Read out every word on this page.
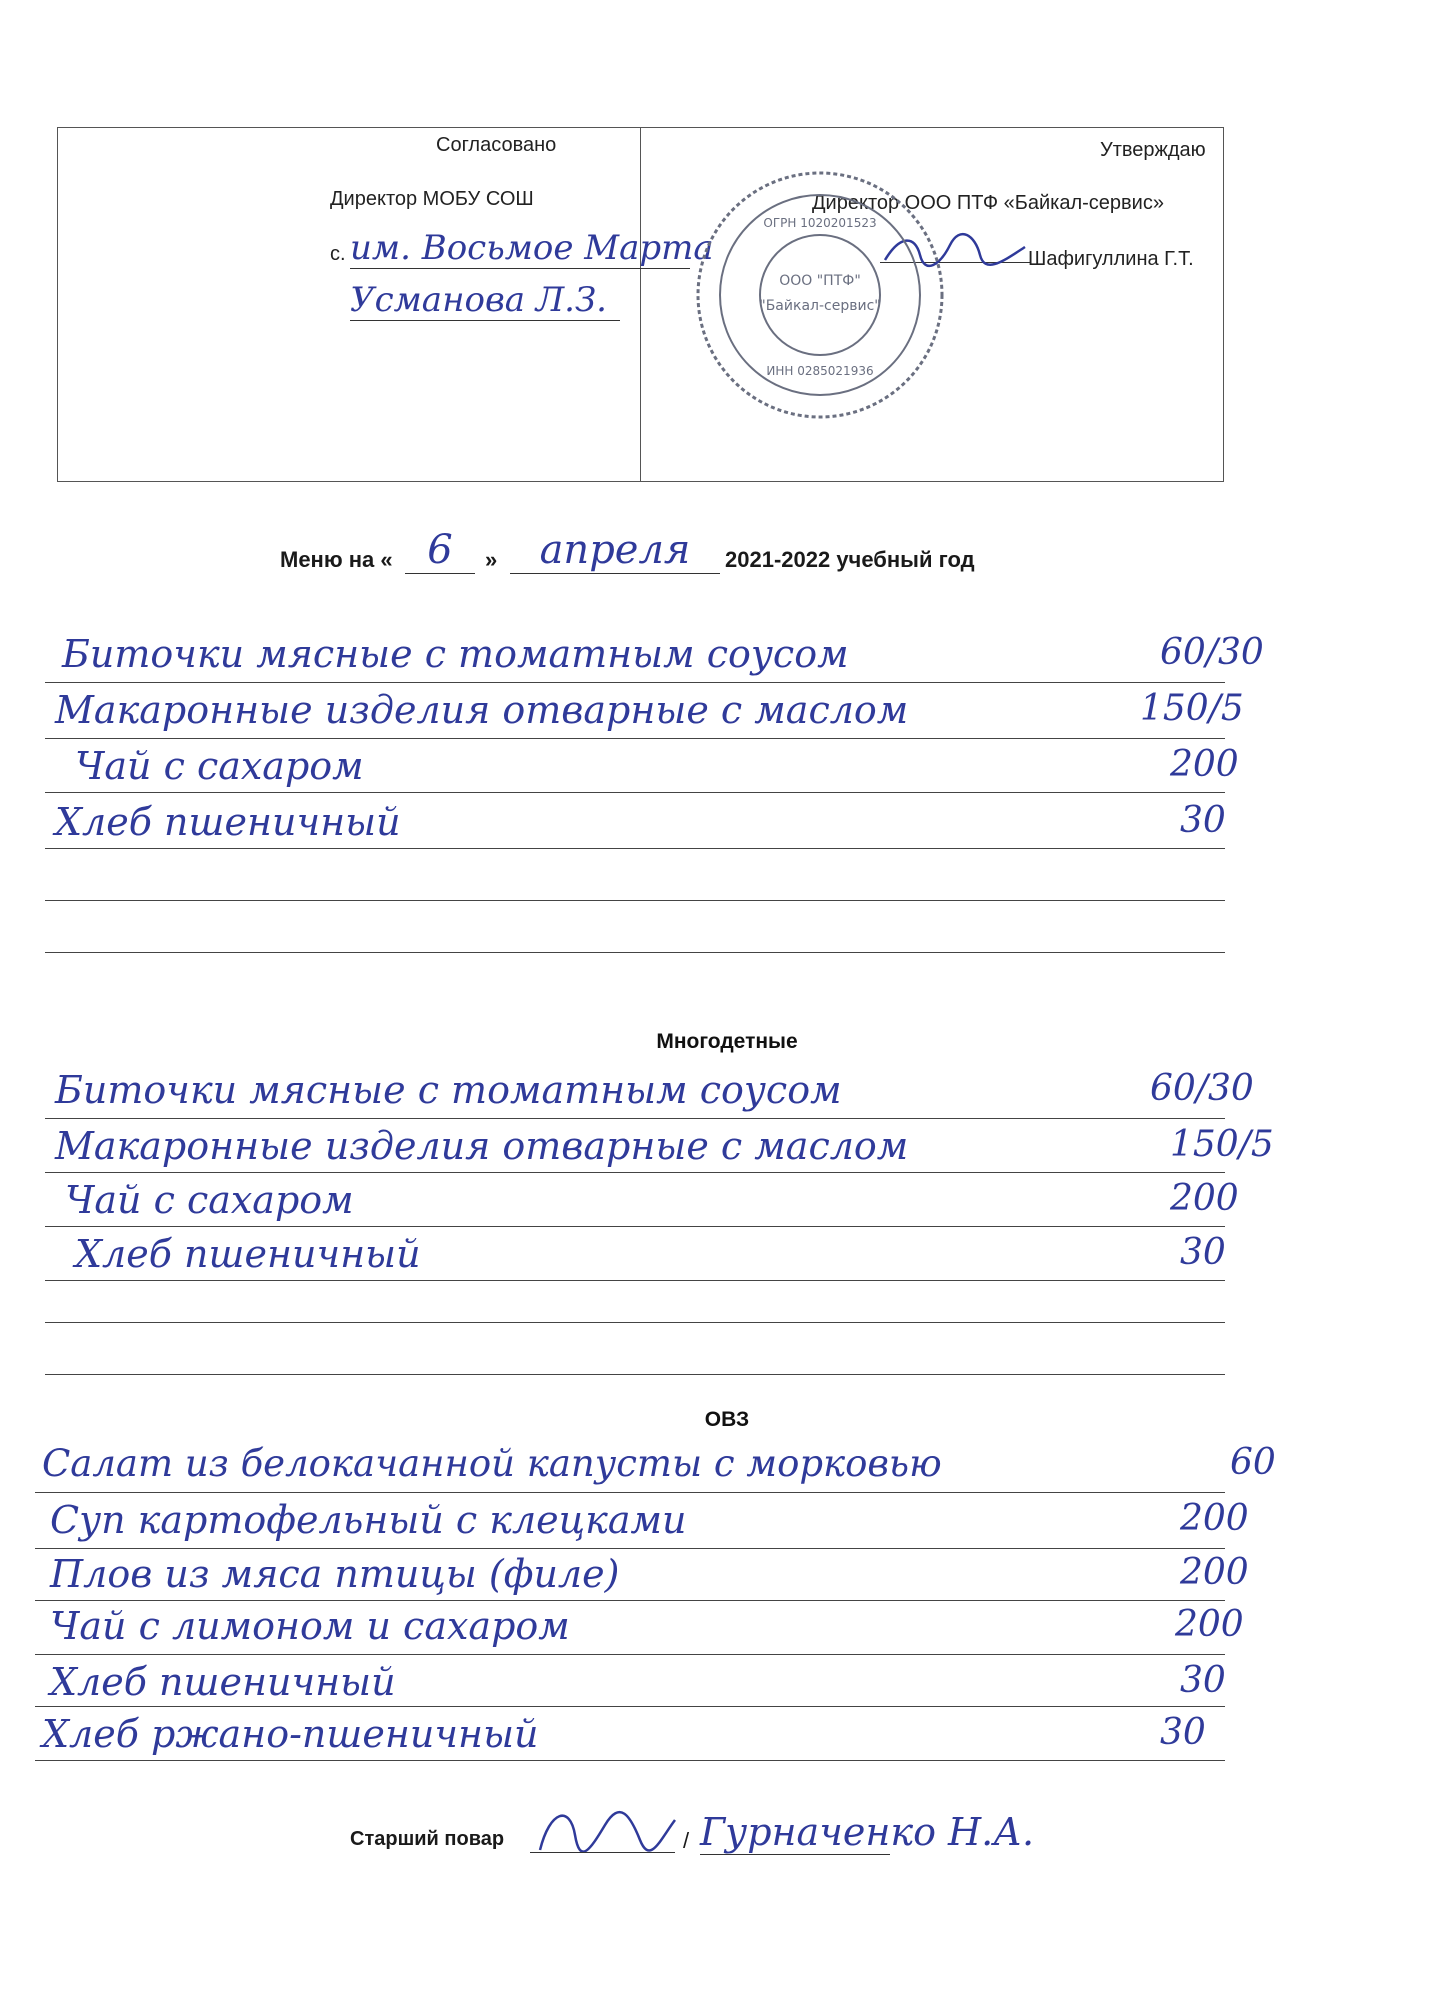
Согласовано
Директор МОБУ СОШ
с. им. Восьмое Марта
Усманова Л.З.
Утверждаю
Директор ООО ПТФ «Байкал-сервис»
Шафигуллина Г.Т.
ООО "ПТФ"
"Байкал-сервис"
ОГРН 1020201523
ИНН 0285021936
Меню на « 6	»	апреля	2021-2022 учебный год
Биточки мясные с томатным соусом	60/30
Макаронные изделия отварные с маслом	150/5
Чай с сахаром	200
Хлеб пшеничный	30
Многодетные
Биточки мясные с томатным соусом	60/30
Макаронные изделия отварные с маслом	150/5
Чай с сахаром	200
Хлеб пшеничный	30
ОВЗ
Салат из белокачанной капусты с морковью	60
Суп картофельный с клецками	200
Плов из мяса птицы (филе)	200
Чай с лимоном и сахаром	200
Хлеб пшеничный	30
Хлеб ржано-пшеничный	30
Старший повар	/ Гурначенко Н.А.
